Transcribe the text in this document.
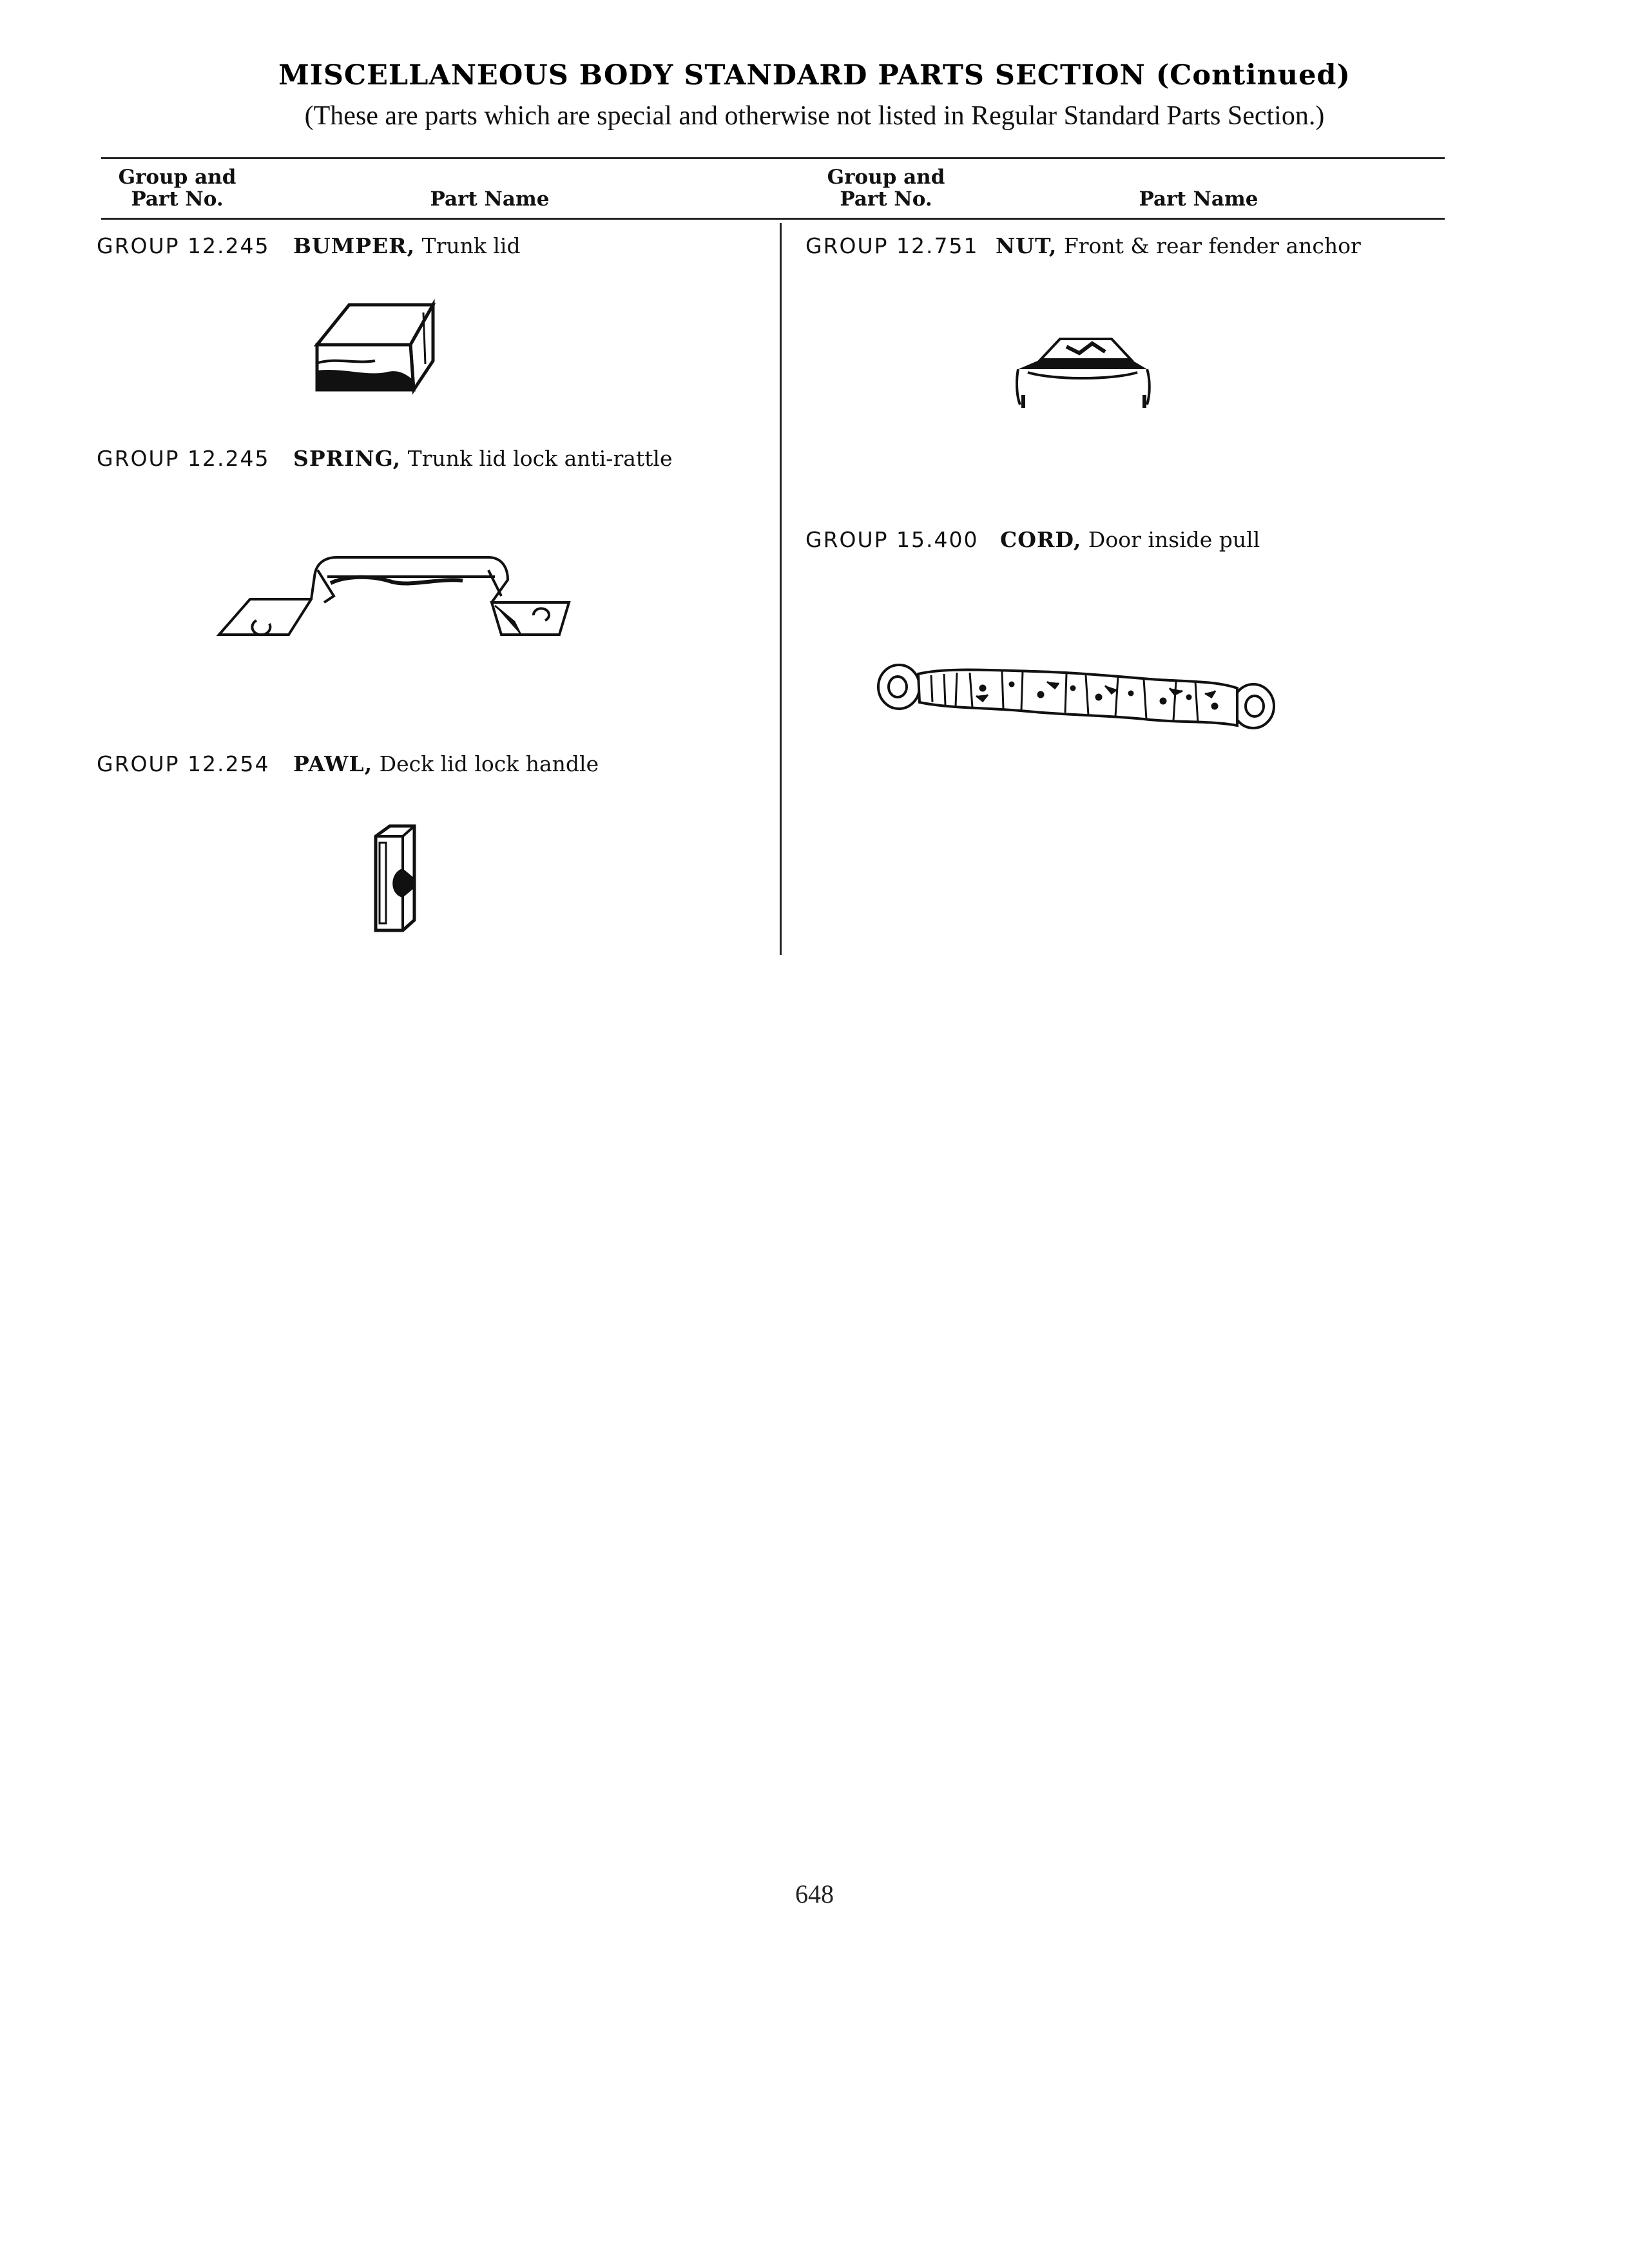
MISCELLANEOUS BODY STANDARD PARTS SECTION (Continued)
(These are parts which are special and otherwise not listed in Regular Standard Parts Section.)
Group and
Part No.	Part Name
Group and
Part No.	Part Name
GROUP 12.245 BUMPER, Trunk lid
GROUP 12.245 SPRING, Trunk lid lock anti-rattle
GROUP 12.254 PAWL, Deck lid lock handle
GROUP 12.751 NUT, Front & rear fender anchor
GROUP 15.400 CORD, Door inside pull
648
